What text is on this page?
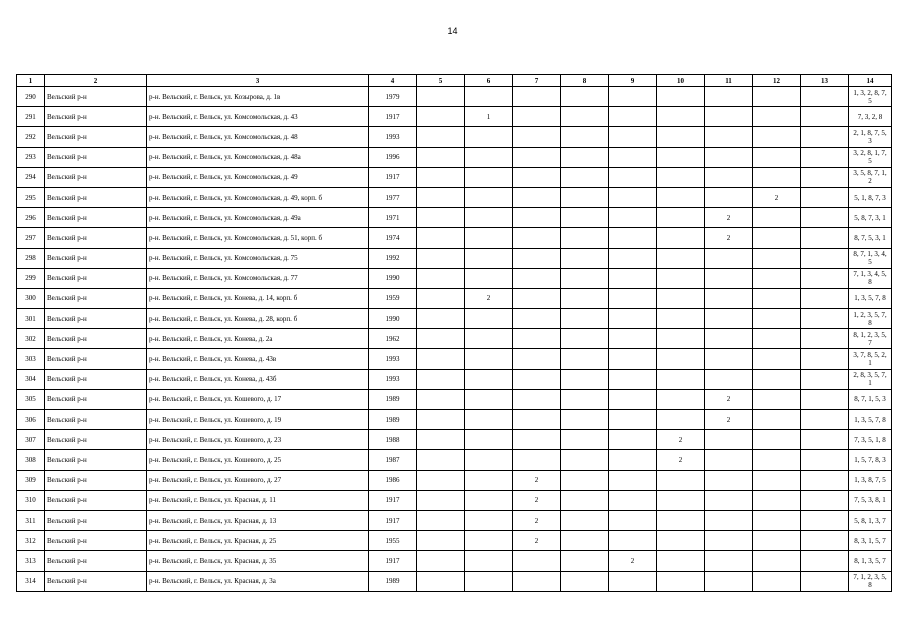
14
1	2	3	4	5	6	7	8	9	10	11	12	13	14
290	Вельский р-н	р-н. Вельский, г. Вельск, ул. Козырова, д. 1в	1979										1, 3, 2, 8, 7, 5
291	Вельский р-н	р-н. Вельский, г. Вельск, ул. Комсомольская, д. 43	1917		1								7, 3, 2, 8
292	Вельский р-н	р-н. Вельский, г. Вельск, ул. Комсомольская, д. 48	1993										2, 1, 8, 7, 5, 3
293	Вельский р-н	р-н. Вельский, г. Вельск, ул. Комсомольская, д. 48а	1996										3, 2, 8, 1, 7, 5
294	Вельский р-н	р-н. Вельский, г. Вельск, ул. Комсомольская, д. 49	1917										3, 5, 8, 7, 1, 2
295	Вельский р-н	р-н. Вельский, г. Вельск, ул. Комсомольская, д. 49, корп. б	1977								2		5, 1, 8, 7, 3
296	Вельский р-н	р-н. Вельский, г. Вельск, ул. Комсомольская, д. 49а	1971							2			5, 8, 7, 3, 1
297	Вельский р-н	р-н. Вельский, г. Вельск, ул. Комсомольская, д. 51, корп. б	1974							2			8, 7, 5, 3, 1
298	Вельский р-н	р-н. Вельский, г. Вельск, ул. Комсомольская, д. 75	1992										8, 7, 1, 3, 4, 5
299	Вельский р-н	р-н. Вельский, г. Вельск, ул. Комсомольская, д. 77	1990										7, 1, 3, 4, 5, 8
300	Вельский р-н	р-н. Вельский, г. Вельск, ул. Конева, д. 14, корп. б	1959		2								1, 3, 5, 7, 8
301	Вельский р-н	р-н. Вельский, г. Вельск, ул. Конева, д. 28, корп. б	1990										1, 2, 3, 5, 7, 8
302	Вельский р-н	р-н. Вельский, г. Вельск, ул. Конева, д. 2а	1962										8, 1, 2, 3, 5, 7
303	Вельский р-н	р-н. Вельский, г. Вельск, ул. Конева, д. 43в	1993										3, 7, 8, 5, 2, 1
304	Вельский р-н	р-н. Вельский, г. Вельск, ул. Конева, д. 43б	1993										2, 8, 3, 5, 7, 1
305	Вельский р-н	р-н. Вельский, г. Вельск, ул. Кошевого, д. 17	1989							2			8, 7, 1, 5, 3
306	Вельский р-н	р-н. Вельский, г. Вельск, ул. Кошевого, д. 19	1989							2			1, 3, 5, 7, 8
307	Вельский р-н	р-н. Вельский, г. Вельск, ул. Кошевого, д. 23	1988						2				7, 3, 5, 1, 8
308	Вельский р-н	р-н. Вельский, г. Вельск, ул. Кошевого, д. 25	1987						2				1, 5, 7, 8, 3
309	Вельский р-н	р-н. Вельский, г. Вельск, ул. Кошевого, д. 27	1986			2							1, 3, 8, 7, 5
310	Вельский р-н	р-н. Вельский, г. Вельск, ул. Красная, д. 11	1917			2							7, 5, 3, 8, 1
311	Вельский р-н	р-н. Вельский, г. Вельск, ул. Красная, д. 13	1917			2							5, 8, 1, 3, 7
312	Вельский р-н	р-н. Вельский, г. Вельск, ул. Красная, д. 25	1955			2							8, 3, 1, 5, 7
313	Вельский р-н	р-н. Вельский, г. Вельск, ул. Красная, д. 35	1917					2					8, 1, 3, 5, 7
314	Вельский р-н	р-н. Вельский, г. Вельск, ул. Красная, д. 3а	1989										7, 1, 2, 3, 5, 8
